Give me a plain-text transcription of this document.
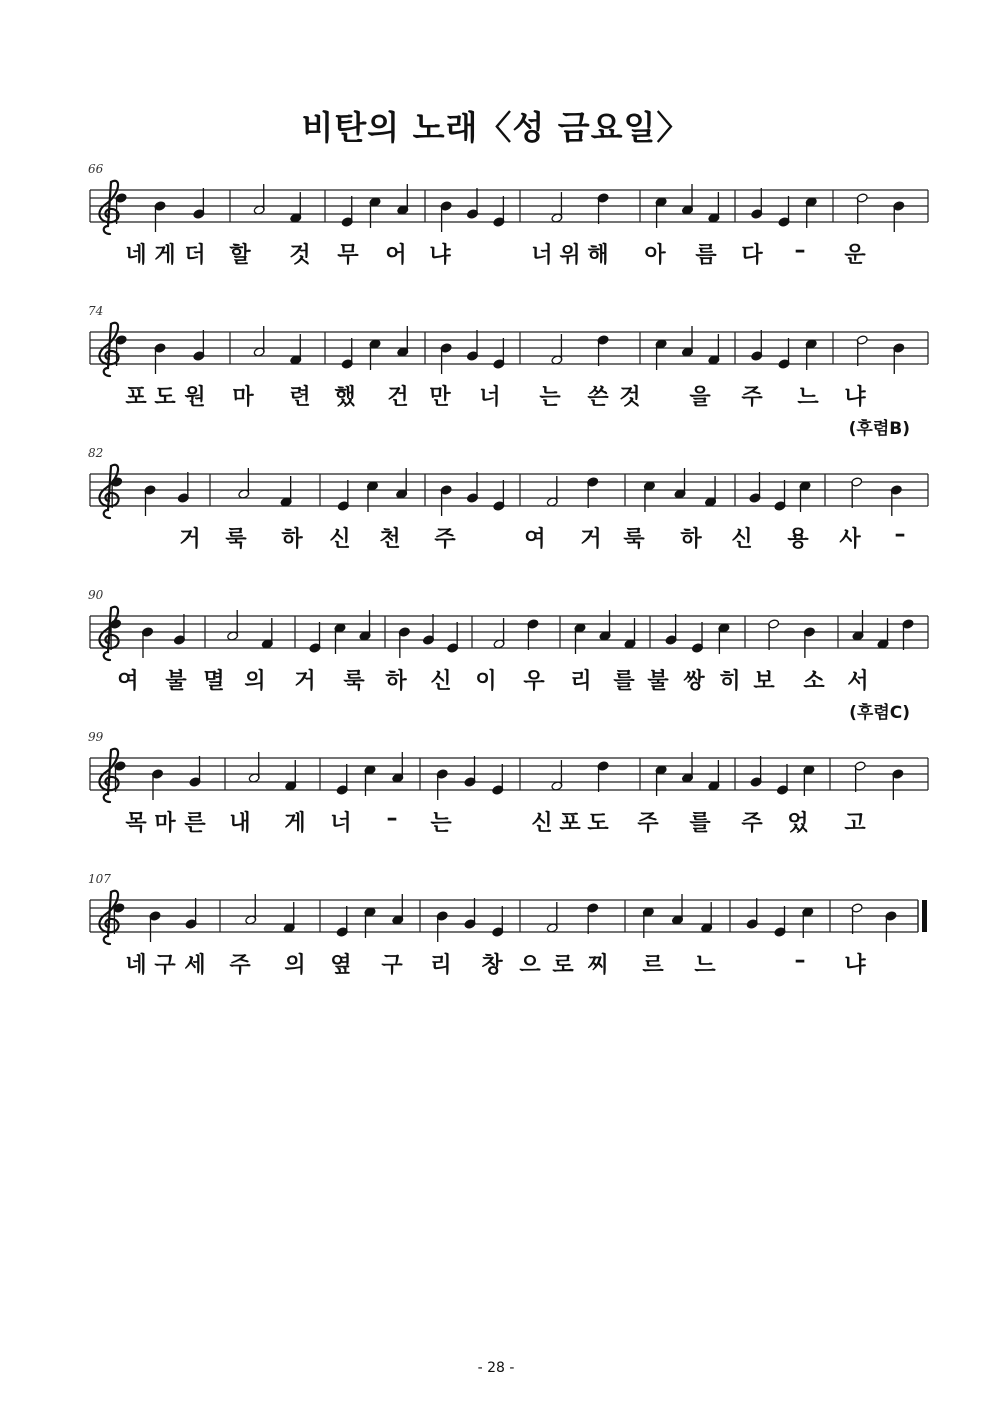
비탄의 노래〈성 금요일〉
66
네 게 더 할 것 무 어 냐	너 위 해 아 름 다 – 운
74
포 도 원 마 련 했 건 만 너 는 쓴 것 을 주 느 냐
82
(후렴B)
거 룩 하 신 천 주	여 거 룩 하 신 용 사 –
90
여 불 멸 의 거 룩 하 신 이 우 리 를 불 쌍 히 보 소 서
99
(후렴C)
목 마 른 내 게 너 – 는	신 포 도 주 를 주 었 고
107
네 구 세 주 의 옆 구 리 창 으 로 찌 르 느	– 냐
- 28 -
